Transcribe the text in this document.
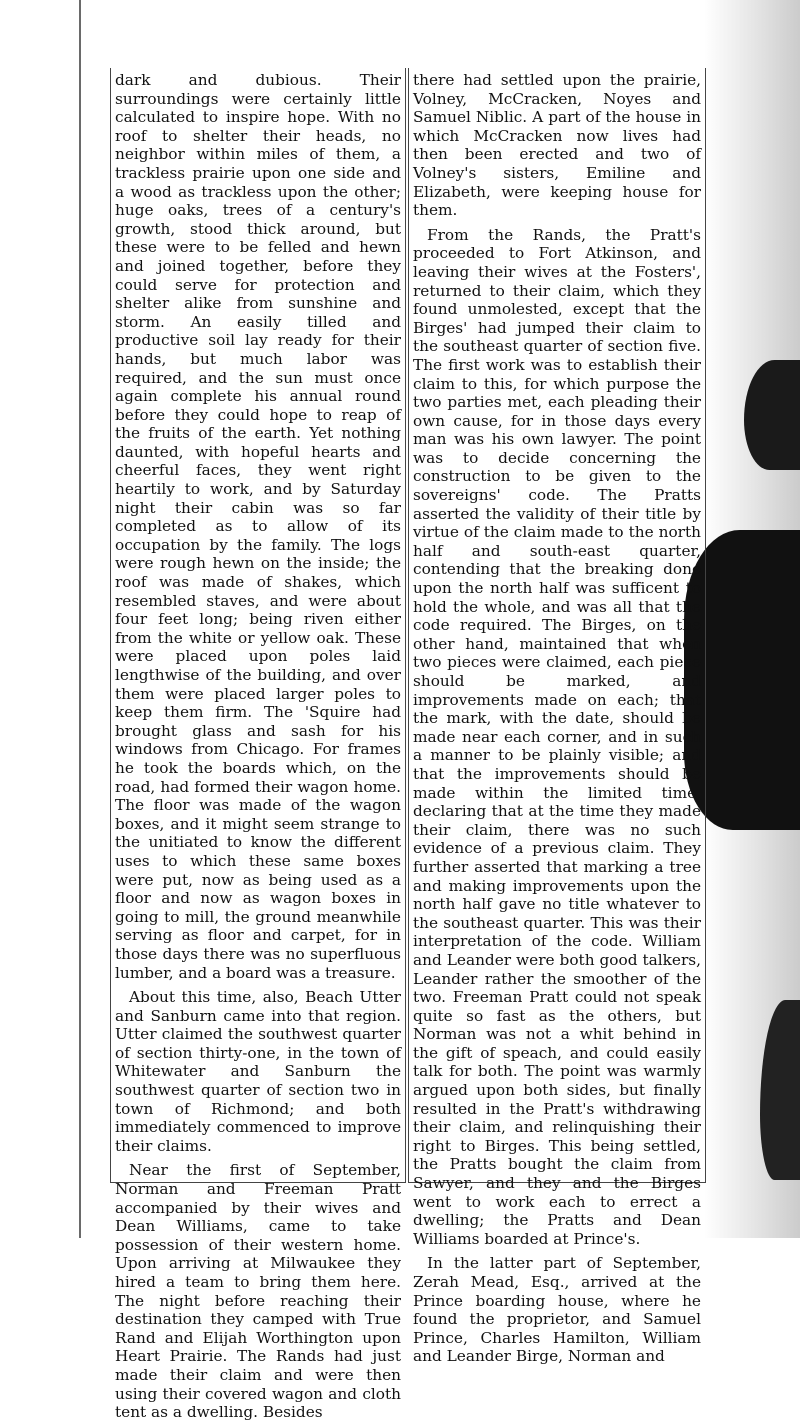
dark and dubious. Their surroundings were certainly little calculated to inspire hope. With no roof to shelter their heads, no neighbor within miles of them, a trackless prairie upon one side and a wood as trackless upon the other; huge oaks, trees of a century's growth, stood thick around, but these were to be felled and hewn and joined together, before they could serve for protection and shelter alike from sunshine and storm. An easily tilled and productive soil lay ready for their hands, but much labor was required, and the sun must once again complete his annual round before they could hope to reap of the fruits of the earth. Yet nothing daunted, with hopeful hearts and cheerful faces, they went right heartily to work, and by Saturday night their cabin was so far completed as to allow of its occupation by the family. The logs were rough hewn on the inside; the roof was made of shakes, which resembled staves, and were about four feet long; being riven either from the white or yellow oak. These were placed upon poles laid lengthwise of the building, and over them were placed larger poles to keep them firm. The 'Squire had brought glass and sash for his windows from Chicago. For frames he took the boards which, on the road, had formed their wagon home. The floor was made of the wagon boxes, and it might seem strange to the unitiated to know the different uses to which these same boxes were put, now as being used as a floor and now as wagon boxes in going to mill, the ground meanwhile serving as floor and carpet, for in those days there was no superfluous lumber, and a board was a treasure.

About this time, also, Beach Utter and Sanburn came into that region. Utter claimed the southwest quarter of section thirty-one, in the town of Whitewater and Sanburn the southwest quarter of section two in town of Richmond; and both immediately commenced to improve their claims.

Near the first of September, Norman and Freeman Pratt accompanied by their wives and Dean Williams, came to take possession of their western home. Upon arriving at Milwaukee they hired a team to bring them here. The night before reaching their destination they camped with True Rand and Elijah Worthington upon Heart Prairie. The Rands had just made their claim and were then using their covered wagon and cloth tent as a dwelling. Besides

there had settled upon the prairie, Volney, McCracken, Noyes and Samuel Niblic. A part of the house in which McCracken now lives had then been erected and two of Volney's sisters, Emiline and Elizabeth, were keeping house for them.

From the Rands, the Pratt's proceeded to Fort Atkinson, and leaving their wives at the Fosters', returned to their claim, which they found unmolested, except that the Birges' had jumped their claim to the southeast quarter of section five. The first work was to establish their claim to this, for which purpose the two parties met, each pleading their own cause, for in those days every man was his own lawyer. The point was to decide concerning the construction to be given to the sovereigns' code. The Pratts asserted the validity of their title by virtue of the claim made to the north half and south-east quarter, contending that the breaking done upon the north half was sufficent to hold the whole, and was all that the code required. The Birges, on the other hand, maintained that when two pieces were claimed, each piece should be marked, and improvements made on each; that the mark, with the date, should be made near each corner, and in such a manner to be plainly visible; and that the improvements should be made within the limited time, declaring that at the time they made their claim, there was no such evidence of a previous claim. They further asserted that marking a tree and making improvements upon the north half gave no title whatever to the southeast quarter. This was their interpretation of the code. William and Leander were both good talkers, Leander rather the smoother of the two. Freeman Pratt could not speak quite so fast as the others, but Norman was not a whit behind in the gift of speach, and could easily talk for both. The point was warmly argued upon both sides, but finally resulted in the Pratt's withdrawing their claim, and relinquishing their right to Birges. This being settled, the Pratts bought the claim from Sawyer, and they and the Birges went to work each to errect a dwelling; the Pratts and Dean Williams boarded at Prince's.

In the latter part of September, Zerah Mead, Esq., arrived at the Prince boarding house, where he found the proprietor, and Samuel Prince, Charles Hamilton, William and Leander Birge, Norman and
